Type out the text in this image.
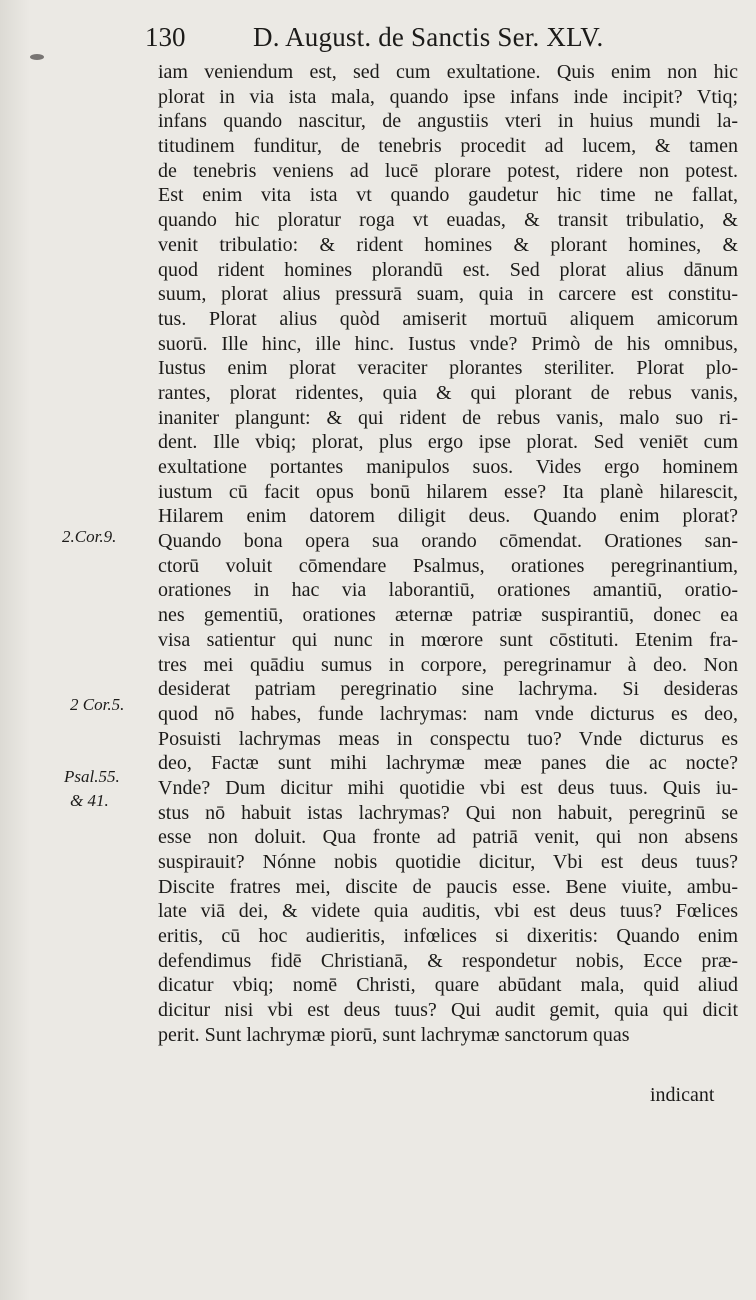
130	D. August. de Sanctis Ser. XLV.
iam veniendum est, sed cum exultatione. Quis enim non hic
plorat in via ista mala, quando ipse infans inde incipit? Vtiq;
infans quando nascitur, de angustiis vteri in huius mundi la-
titudinem funditur, de tenebris procedit ad lucem, & tamen
de tenebris veniens ad lucē plorare potest, ridere non potest.
Est enim vita ista vt quando gaudetur hic time ne fallat,
quando hic ploratur roga vt euadas, & transit tribulatio, &
venit tribulatio: & rident homines & plorant homines, &
quod rident homines plorandū est. Sed plorat alius dānum
suum, plorat alius pressurā suam, quia in carcere est constitu-
tus. Plorat alius quòd amiserit mortuū aliquem amicorum
suorū. Ille hinc, ille hinc. Iustus vnde? Primò de his omnibus,
Iustus enim plorat veraciter plorantes steriliter. Plorat plo-
rantes, plorat ridentes, quia & qui plorant de rebus vanis,
inaniter plangunt: & qui rident de rebus vanis, malo suo ri-
dent. Ille vbiq; plorat, plus ergo ipse plorat. Sed veniēt cum
exultatione portantes manipulos suos. Vides ergo hominem
iustum cū facit opus bonū hilarem esse? Ita planè hilarescit,
Hilarem enim datorem diligit deus. Quando enim plorat?
Quando bona opera sua orando cōmendat. Orationes san-
ctorū voluit cōmendare Psalmus, orationes peregrinantium,
orationes in hac via laborantiū, orationes amantiū, oratio-
nes gementiū, orationes æternæ patriæ suspirantiū, donec ea
visa satientur qui nunc in mœrore sunt cōstituti. Etenim fra-
tres mei quādiu sumus in corpore, peregrinamur à deo. Non
desiderat patriam peregrinatio sine lachryma. Si desideras
quod nō habes, funde lachrymas: nam vnde dicturus es deo,
Posuisti lachrymas meas in conspectu tuo? Vnde dicturus es
deo, Factæ sunt mihi lachrymæ meæ panes die ac nocte?
Vnde? Dum dicitur mihi quotidie vbi est deus tuus. Quis iu-
stus nō habuit istas lachrymas? Qui non habuit, peregrinū se
esse non doluit. Qua fronte ad patriā venit, qui non absens
suspirauit? Nónne nobis quotidie dicitur, Vbi est deus tuus?
Discite fratres mei, discite de paucis esse. Bene viuite, ambu-
late viā dei, & videte quia auditis, vbi est deus tuus? Fœlices
eritis, cū hoc audieritis, infœlices si dixeritis: Quando enim
defendimus fidē Christianā, & respondetur nobis, Ecce præ-
dicatur vbiq; nomē Christi, quare abūdant mala, quid aliud
dicitur nisi vbi est deus tuus? Qui audit gemit, quia qui dicit
perit. Sunt lachrymæ piorū, sunt lachrymæ sanctorum quas
indicant
2.Cor.9.
2 Cor.5.
Psal.55.
& 41.
